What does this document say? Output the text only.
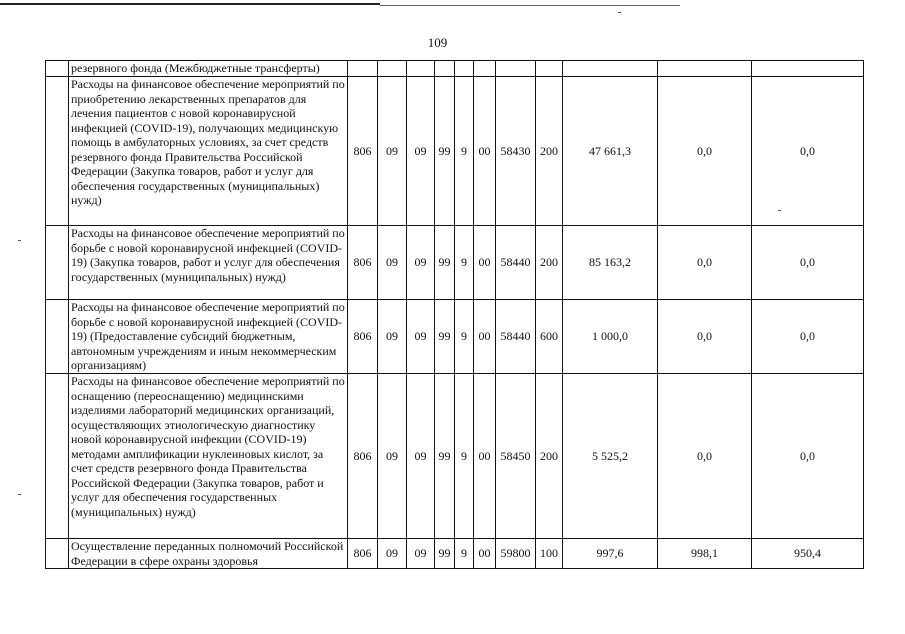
109
	резервного фонда (Межбюджетные трансферты)											
	Расходы на финансовое обеспечение мероприятий по приобретению лекарственных препаратов для лечения пациентов с новой коронавирусной инфекцией (COVID-19), получающих медицинскую помощь в амбулаторных условиях, за счет средств резервного фонда Правительства Российской Федерации (Закупка товаров, работ и услуг для обеспечения государственных (муниципальных) нужд)	806	09	09	99	9	00	58430	200	47 661,3	0,0	0,0
	Расходы на финансовое обеспечение мероприятий по борьбе с новой коронавирусной инфекцией (COVID-19) (Закупка товаров, работ и услуг для обеспечения государственных (муниципальных) нужд)	806	09	09	99	9	00	58440	200	85 163,2	0,0	0,0
	Расходы на финансовое обеспечение мероприятий по борьбе с новой коронавирусной инфекцией (COVID-19) (Предоставление субсидий бюджетным, автономным учреждениям и иным некоммерческим организациям)	806	09	09	99	9	00	58440	600	1 000,0	0,0	0,0
	Расходы на финансовое обеспечение мероприятий по оснащению (переоснащению) медицинскими изделиями лабораторий медицинских организаций, осуществляющих этиологическую диагностику новой коронавирусной инфекции (COVID-19) методами амплификации нуклеиновых кислот, за счет средств резервного фонда Правительства Российской Федерации (Закупка товаров, работ и услуг для обеспечения государственных (муниципальных) нужд)	806	09	09	99	9	00	58450	200	5 525,2	0,0	0,0
	Осуществление переданных полномочий Российской Федерации в сфере охраны здоровья	806	09	09	99	9	00	59800	100	997,6	998,1	950,4
